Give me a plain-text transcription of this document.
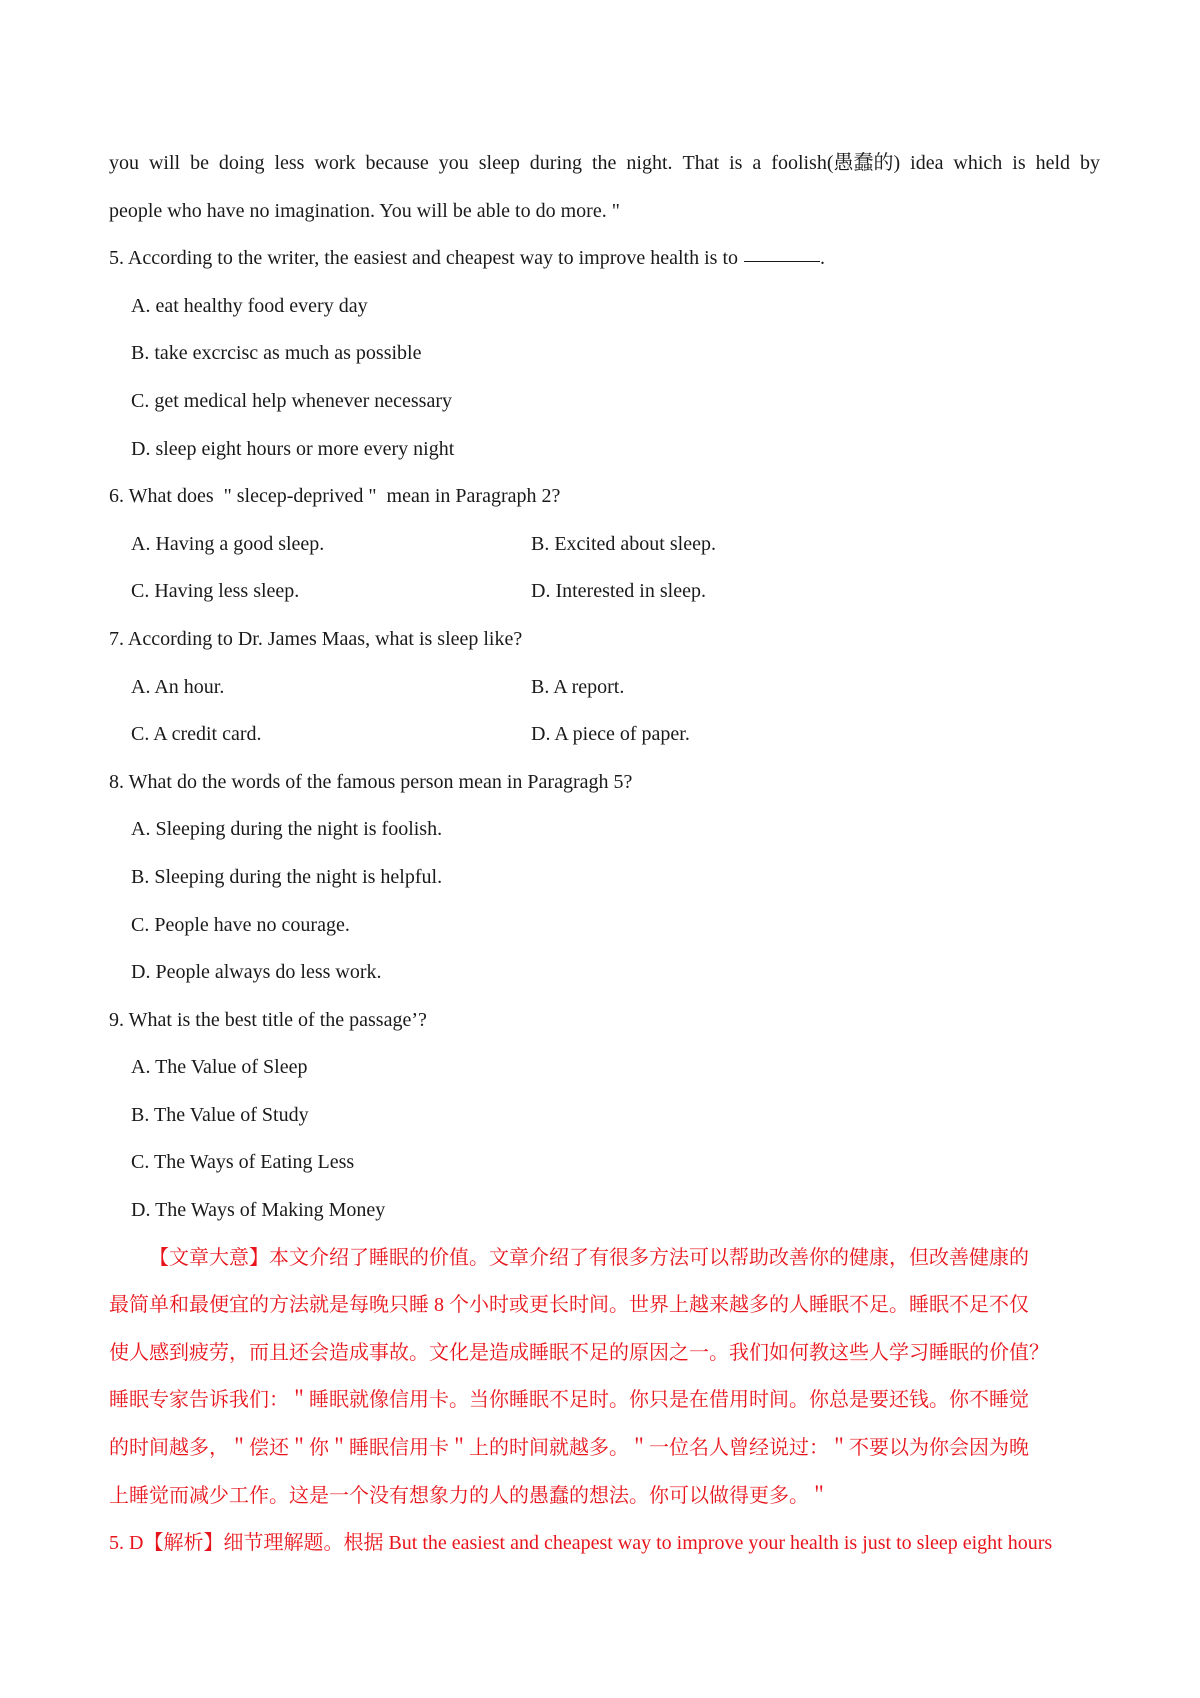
you will be doing less work because you sleep during the night. That is a foolish(愚蠢的) idea which is held by
people who have no imagination. You will be able to do more. "
5. According to the writer, the easiest and cheapest way to improve health is to	.
A. eat healthy food every day
B. take excrcisc as much as possible
C. get medical help whenever necessary
D. sleep eight hours or more every night
6. What does  " slecep-deprived "  mean in Paragraph 2?
A. Having a good sleep.	B. Excited about sleep.
C. Having less sleep.	D. Interested in sleep.
7. According to Dr. James Maas, what is sleep like?
A. An hour.	B. A report.
C. A credit card.	D. A piece of paper.
8. What do the words of the famous person mean in Paragragh 5?
A. Sleeping during the night is foolish.
B. Sleeping during the night is helpful.
C. People have no courage.
D. People always do less work.
9. What is the best title of the passage’?
A. The Value of Sleep
B. The Value of Study
C. The Ways of Eating Less
D. The Ways of Making Money
【文章大意】本文介绍了睡眠的价值。文章介绍了有很多方法可以帮助改善你的健康，但改善健康的
最简单和最便宜的方法就是每晚只睡 8 个小时或更长时间。世界上越来越多的人睡眠不足。睡眠不足不仅
使人感到疲劳，而且还会造成事故。文化是造成睡眠不足的原因之一。我们如何教这些人学习睡眠的价值？
睡眠专家告诉我们：＂睡眠就像信用卡。当你睡眠不足时。你只是在借用时间。你总是要还钱。你不睡觉
的时间越多，＂偿还＂你＂睡眠信用卡＂上的时间就越多。＂一位名人曾经说过：＂不要以为你会因为晚
上睡觉而减少工作。这是一个没有想象力的人的愚蠢的想法。你可以做得更多。＂
5. D【解析】细节理解题。根据 But the easiest and cheapest way to improve your health is just to sleep eight hours
